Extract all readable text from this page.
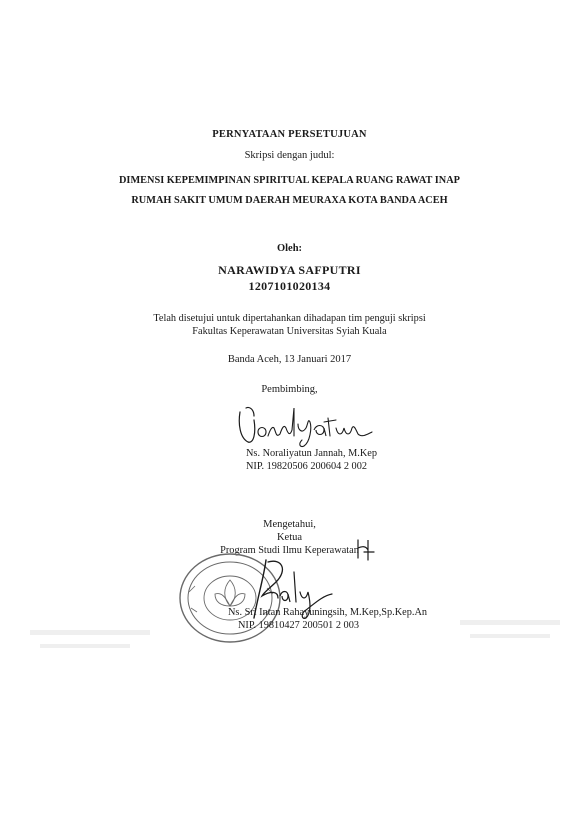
PERNYATAAN PERSETUJUAN
Skripsi dengan judul:
DIMENSI KEPEMIMPINAN SPIRITUAL KEPALA RUANG RAWAT INAP
RUMAH SAKIT UMUM DAERAH MEURAXA KOTA BANDA ACEH
Oleh:
NARAWIDYA SAFPUTRI
1207101020134
Telah disetujui untuk dipertahankan dihadapan tim penguji skripsi
Fakultas Keperawatan Universitas Syiah Kuala
Banda Aceh, 13 Januari 2017
Pembimbing,
Ns. Noraliyatun Jannah, M.Kep
NIP. 19820506 200604 2 002
Mengetahui,
Ketua
Program Studi Ilmu Keperawatan
Ns. Sri Intan Rahayuningsih, M.Kep,Sp.Kep.An
NIP. 19810427 200501 2 003
